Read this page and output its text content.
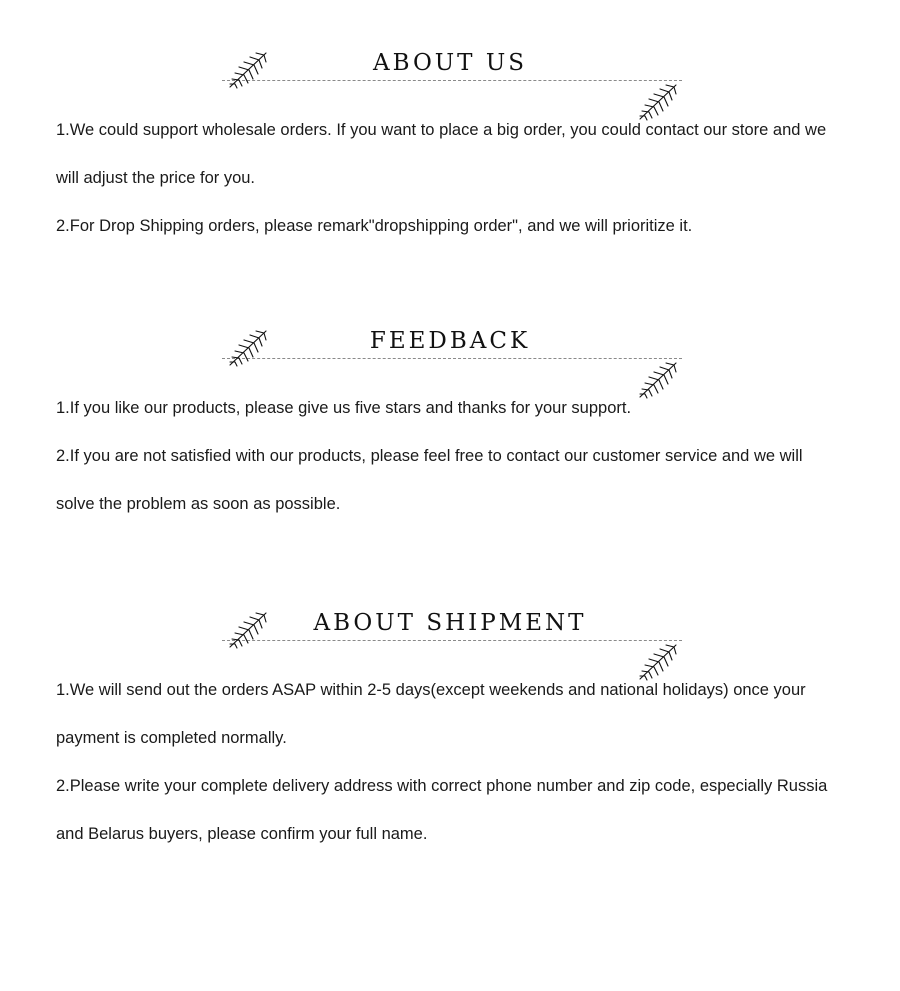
ABOUT US

1.We could support wholesale orders. If you want to place a big order, you could contact our store and we will adjust the price for you.

2.For Drop Shipping orders, please remark"dropshipping order", and we will prioritize it.

FEEDBACK

1.If you like our products, please give us five stars and thanks for your support.

2.If you are not satisfied with our products, please feel free to contact our customer service and we will solve the problem as soon as possible.

ABOUT SHIPMENT

1.We will send out the orders ASAP within 2-5 days(except weekends and national holidays) once your payment is completed normally.

2.Please write your complete delivery address with correct phone number and zip code, especially Russia and Belarus buyers, please confirm your full name.
